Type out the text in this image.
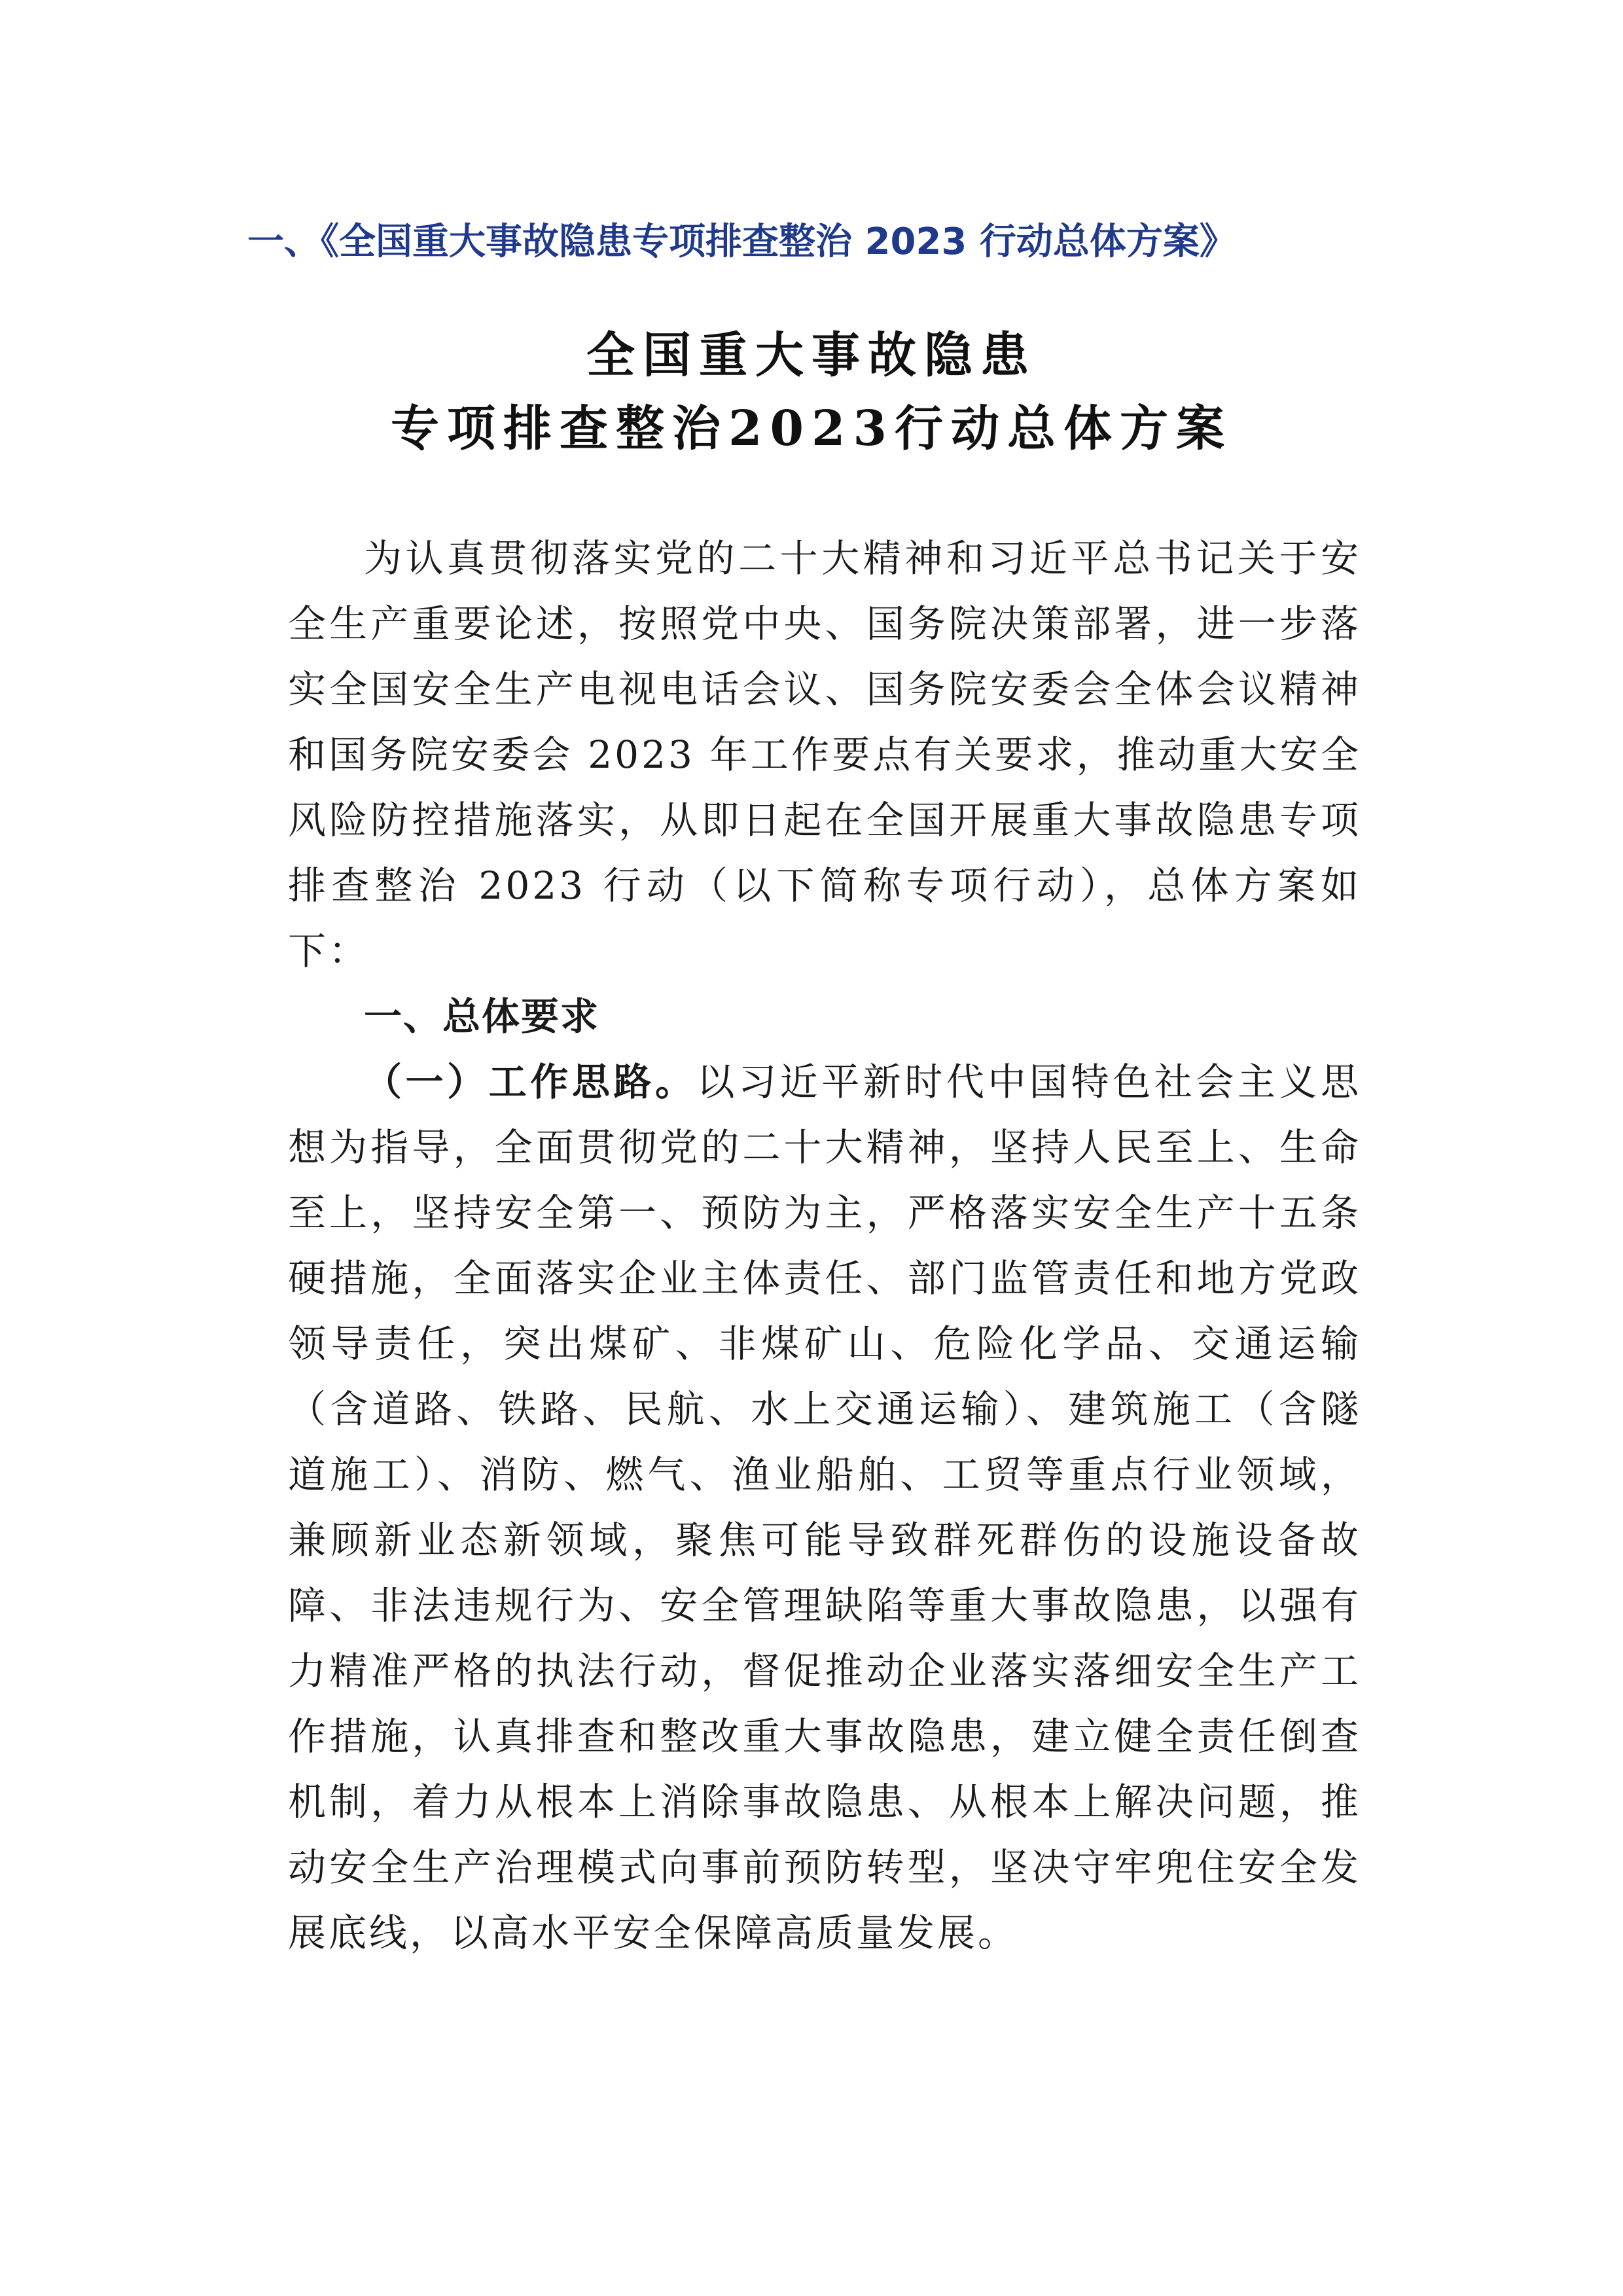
一、《全国重大事故隐患专项排查整治 2023 行动总体方案》
全国重大事故隐患
专项排查整治2023行动总体方案

为认真贯彻落实党的二十大精神和习近平总书记关于安全生产重要论述，按照党中央、国务院决策部署，进一步落实全国安全生产电视电话会议、国务院安委会全体会议精神和国务院安委会 2023 年工作要点有关要求，推动重大安全风险防控措施落实，从即日起在全国开展重大事故隐患专项排查整治 2023 行动（以下简称专项行动），总体方案如下：

一、总体要求

（一）工作思路。以习近平新时代中国特色社会主义思想为指导，全面贯彻党的二十大精神，坚持人民至上、生命至上，坚持安全第一、预防为主，严格落实安全生产十五条硬措施，全面落实企业主体责任、部门监管责任和地方党政领导责任，突出煤矿、非煤矿山、危险化学品、交通运输（含道路、铁路、民航、水上交通运输）、建筑施工（含隧道施工）、消防、燃气、渔业船舶、工贸等重点行业领域，兼顾新业态新领域，聚焦可能导致群死群伤的设施设备故障、非法违规行为、安全管理缺陷等重大事故隐患，以强有力精准严格的执法行动，督促推动企业落实落细安全生产工作措施，认真排查和整改重大事故隐患，建立健全责任倒查机制，着力从根本上消除事故隐患、从根本上解决问题，推动安全生产治理模式向事前预防转型，坚决守牢兜住安全发展底线，以高水平安全保障高质量发展。
